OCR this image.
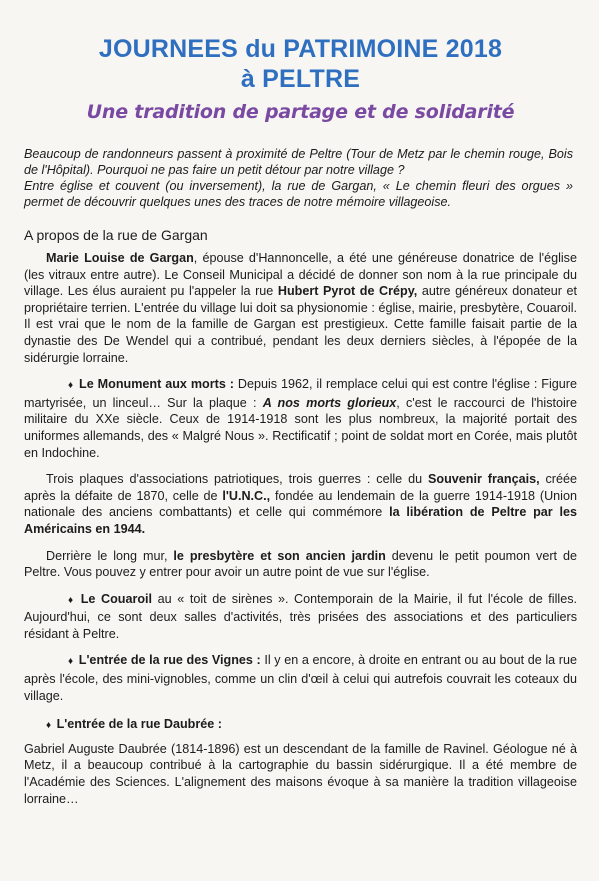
JOURNEES du PATRIMOINE 2018
à PELTRE
Une tradition de partage et de solidarité
Beaucoup de randonneurs passent à proximité de Peltre (Tour de Metz par le chemin rouge, Bois de l'Hôpital). Pourquoi ne pas faire un petit détour par notre village ?
Entre église et couvent (ou inversement), la rue de Gargan, « Le chemin fleuri des orgues » permet de découvrir quelques unes des traces de notre mémoire villageoise.
A propos de la rue de Gargan

Marie Louise de Gargan, épouse d'Hannoncelle, a été une généreuse donatrice de l'église (les vitraux entre autre). Le Conseil Municipal a décidé de donner son nom à la rue principale du village. Les élus auraient pu l'appeler la rue Hubert Pyrot de Crépy, autre généreux donateur et propriétaire terrien. L'entrée du village lui doit sa physionomie : église, mairie, presbytère, Couaroil. Il est vrai que le nom de la famille de Gargan est prestigieux. Cette famille faisait partie de la dynastie des De Wendel qui a contribué, pendant les deux derniers siècles, à l'épopée de la sidérurgie lorraine.

♦ Le Monument aux morts : Depuis 1962, il remplace celui qui est contre l'église : Figure martyrisée, un linceul… Sur la plaque : A nos morts glorieux, c'est le raccourci de l'histoire militaire du XXe siècle. Ceux de 1914-1918 sont les plus nombreux, la majorité portait des uniformes allemands, des « Malgré Nous ». Rectificatif ; point de soldat mort en Corée, mais plutôt en Indochine.

Trois plaques d'associations patriotiques, trois guerres : celle du Souvenir français, créée après la défaite de 1870, celle de l'U.N.C., fondée au lendemain de la guerre 1914-1918 (Union nationale des anciens combattants) et celle qui commémore la libération de Peltre par les Américains en 1944.

Derrière le long mur, le presbytère et son ancien jardin devenu le petit poumon vert de Peltre. Vous pouvez y entrer pour avoir un autre point de vue sur l'église.

♦ Le Couaroil au « toit de sirènes ». Contemporain de la Mairie, il fut l'école de filles. Aujourd'hui, ce sont deux salles d'activités, très prisées des associations et des particuliers résidant à Peltre.

♦ L'entrée de la rue des Vignes : Il y en a encore, à droite en entrant ou au bout de la rue après l'école, des mini-vignobles, comme un clin d'œil à celui qui autrefois couvrait les coteaux du village.

♦ L'entrée de la rue Daubrée :

Gabriel Auguste Daubrée (1814-1896) est un descendant de la famille de Ravinel. Géologue né à Metz, il a beaucoup contribué à la cartographie du bassin sidérurgique. Il a été membre de l'Académie des Sciences. L'alignement des maisons évoque à sa manière la tradition villageoise lorraine…
